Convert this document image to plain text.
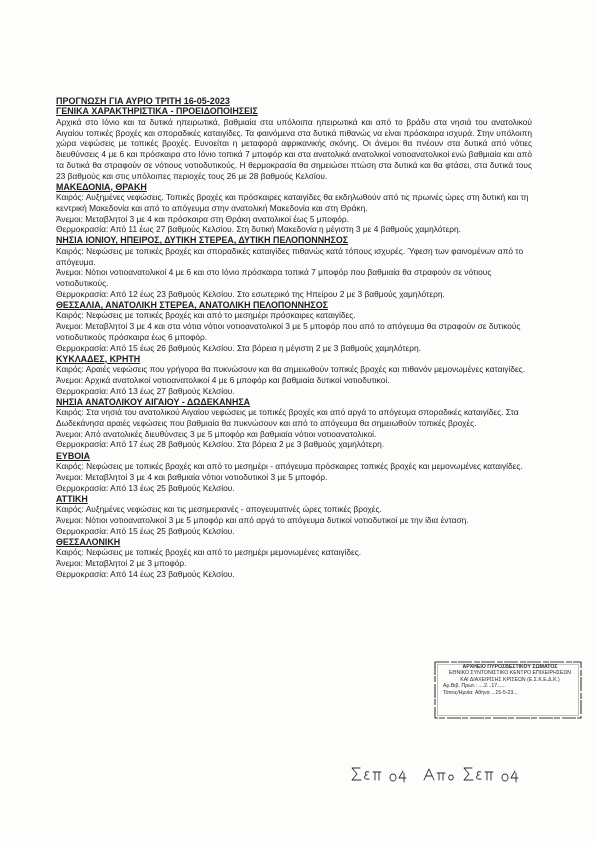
ΠΡΟΓΝΩΣΗ ΓΙΑ ΑΥΡΙΟ ΤΡΙΤΗ 16-05-2023
ΓΕΝΙΚΑ ΧΑΡΑΚΤΗΡΙΣΤΙΚΑ - ΠΡΟΕΙΔΟΠΟΙΗΣΕΙΣ

Αρχικά στο Ιόνιο και τα δυτικά ηπειρωτικά, βαθμιαία στα υπόλοιπα ηπειρωτικά και από το βράδυ στα νησιά του ανατολικού Αιγαίου τοπικές βροχές και σποραδικές καταιγίδες. Τα φαινόμενα στα δυτικά πιθανώς να είναι πρόσκαιρα ισχυρά. Στην υπόλοιπη χώρα νεφώσεις με τοπικές βροχές. Ευνοείται η μεταφορά αφρικανικής σκόνης. Οι άνεμοι θα πνέουν στα δυτικά από νότιες διευθύνσεις 4 με 6 και πρόσκαιρα στο Ιόνιο τοπικά 7 μποφόρ και στα ανατολικά ανατολικοί νοτιοανατολικοί ενώ βαθμιαία και από τα δυτικά θα στραφούν σε νότιους νοτιοδυτικούς. Η θερμοκρασία θα σημειώσει πτώση στα δυτικά και θα φτάσει, στα δυτικά τους 23 βαθμούς και στις υπόλοιπες περιοχές τους 26 με 28 βαθμούς Κελσίου.

ΜΑΚΕΔΟΝΙΑ, ΘΡΑΚΗ

Καιρός: Αυξημένες νεφώσεις. Τοπικές βροχές και πρόσκαιρες καταιγίδες θα εκδηλωθούν από τις πρωινές ώρες στη δυτική και τη κεντρική Μακεδονία και από το απόγευμα στην ανατολική Μακεδονία και στη Θράκη.

Άνεμοι: Μεταβλητοί 3 με 4 και πρόσκαιρα στη Θράκη ανατολικοί έως 5 μποφόρ.

Θερμοκρασία: Από 11 έως 27 βαθμούς Κελσίου. Στη δυτική Μακεδονία η μέγιστη 3 με 4 βαθμούς χαμηλότερη.

ΝΗΣΙΑ ΙΟΝΙΟΥ, ΗΠΕΙΡΟΣ, ΔΥΤΙΚΗ ΣΤΕΡΕΑ, ΔΥΤΙΚΗ ΠΕΛΟΠΟΝΝΗΣΟΣ

Καιρός: Νεφώσεις με τοπικές βροχές και σποραδικές καταιγίδες πιθανώς κατά τόπους ισχυρές. Ύφεση των φαινομένων από το απόγευμα.

Άνεμοι: Νότιοι νοτιοανατολικοί 4 με 6 και στο Ιόνιο πρόσκαιρα τοπικά 7 μποφόρ που βαθμιαία θα στραφούν σε νότιους νοτιοδυτικούς.

Θερμοκρασία: Από 12 έως 23 βαθμούς Κελσίου. Στο εσωτερικό της Ηπείρου 2 με 3 βαθμούς χαμηλότερη.

ΘΕΣΣΑΛΙΑ, ΑΝΑΤΟΛΙΚΗ ΣΤΕΡΕΑ, ΑΝΑΤΟΛΙΚΗ ΠΕΛΟΠΟΝΝΗΣΟΣ

Καιρός: Νεφώσεις με τοπικές βροχές και από το μεσημέρι πρόσκαιρες καταιγίδες.

Άνεμοι: Μεταβλητοί 3 με 4 και στα νότια νότιοι νοτιοανατολικοί 3 με 5 μποφόρ που από το απόγευμα θα στραφούν σε δυτικούς νοτιοδυτικούς πρόσκαιρα έως 6 μποφόρ.

Θερμοκρασία: Από 15 έως 26 βαθμούς Κελσίου. Στα βόρεια η μέγιστη 2 με 3 βαθμούς χαμηλότερη.

ΚΥΚΛΑΔΕΣ, ΚΡΗΤΗ

Καιρός: Αραιές νεφώσεις που γρήγορα θα πυκνώσουν και θα σημειωθούν τοπικές βροχές και πιθανόν μεμονωμένες καταιγίδες.

Άνεμοι: Αρχικά ανατολικοί νοτιοανατολικοί 4 με 6 μποφόρ και βαθμιαία δυτικοί νοτιοδυτικοί.

Θερμοκρασία: Από 13 έως 27 βαθμούς Κελσίου.

ΝΗΣΙΑ ΑΝΑΤΟΛΙΚΟΥ ΑΙΓΑΙΟΥ - ΔΩΔΕΚΑΝΗΣΑ

Καιρός: Στα νησιά του ανατολικού Αιγαίου νεφώσεις με τοπικές βροχές και από αργά το απόγευμα σποραδικές καταιγίδες. Στα Δωδεκάνησα αραιές νεφώσεις που βαθμιαία θα πυκνώσουν και από το απόγευμα θα σημειωθούν τοπικές βροχές.

Άνεμοι: Από ανατολικές διευθύνσεις 3 με 5 μποφόρ και βαθμιαία νότιοι νοτιοανατολικοί.

Θερμοκρασία: Από 17 έως 28 βαθμούς Κελσίου. Στα βόρεια 2 με 3 βαθμούς χαμηλότερη.

ΕΥΒΟΙΑ

Καιρός: Νεφώσεις με τοπικές βροχές και από το μεσημέρι - απόγευμα πρόσκαιρες τοπικές βροχές και μεμονωμένες καταιγίδες.

Άνεμοι: Μεταβλητοί 3 με 4 και βαθμιαία νότιοι νοτιοδυτικοί 3 με 5 μποφόρ.

Θερμοκρασία: Από 13 έως 25 βαθμούς Κελσίου.

ΑΤΤΙΚΗ

Καιρός: Αυξημένες νεφώσεις και τις μεσημεριανές - απογευματινές ώρες τοπικές βροχές.

Άνεμοι: Νότιοι νοτιοανατολικοί 3 με 5 μποφόρ και από αργά το απόγευμα δυτικοί νοτιοδυτικοί με την ίδια ένταση.

Θερμοκρασία: Από 15 έως 25 βαθμούς Κελσίου.

ΘΕΣΣΑΛΟΝΙΚΗ

Καιρός: Νεφώσεις με τοπικές βροχές και από το μεσημέρι μεμονωμένες καταιγίδες.

Άνεμοι: Μεταβλητοί 2 με 3 μποφόρ.

Θερμοκρασία: Από 14 έως 23 βαθμούς Κελσίου.

ΑΡΧΗΕΙΟ ΠΥΡΟΣΒΕΣΤΙΚΟΥ ΣΩΜΑΤΟΣ
ΕΘΝΙΚΟ ΣΥΝΤΟΝΙΣΤΙΚΟ ΚΕΝΤΡΟ ΕΠΙΧΕΙΡΗΣΕΩΝ
ΚΑΙ ΔΙΑΧΕΙΡΙΣΗΣ ΚΡΙΣΕΩΝ (Ε.Σ.Κ.Ε.Δ.Κ.)
Αρ.Βιβ. Πρωτ.: ....2...17......
Τόπος/Ημνία: Αθήνα ...15-5-23...
